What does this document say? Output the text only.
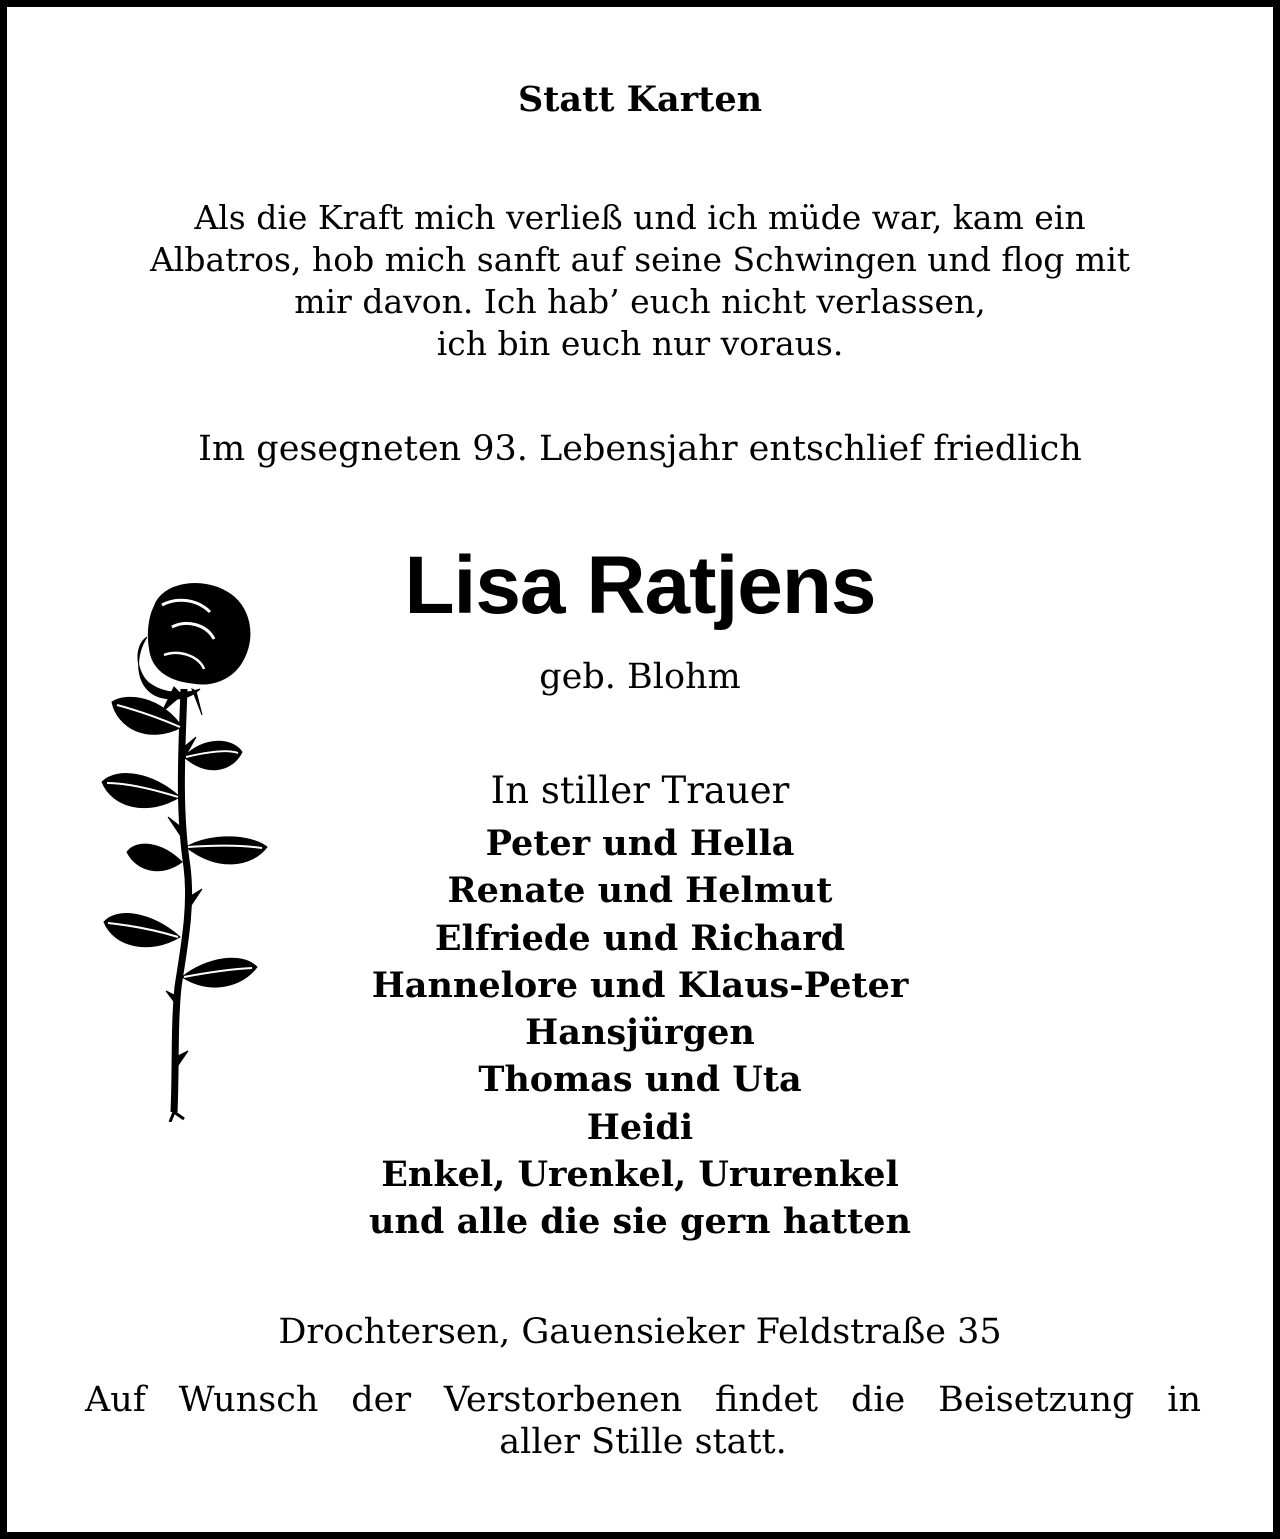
Statt Karten

Als die Kraft mich verließ und ich müde war, kam ein
Albatros, hob mich sanft auf seine Schwingen und flog mit
mir davon. Ich hab’ euch nicht verlassen,
ich bin euch nur voraus.

Im gesegneten 93. Lebensjahr entschlief friedlich

Lisa Ratjens

geb. Blohm

In stiller Trauer

Peter und Hella
Renate und Helmut
Elfriede und Richard
Hannelore und Klaus-Peter
Hansjürgen
Thomas und Uta
Heidi
Enkel, Urenkel, Ururenkel
und alle die sie gern hatten

Drochtersen, Gauensieker Feldstraße 35

Auf Wunsch der Verstorbenen findet die Beisetzung in
aller Stille statt.
